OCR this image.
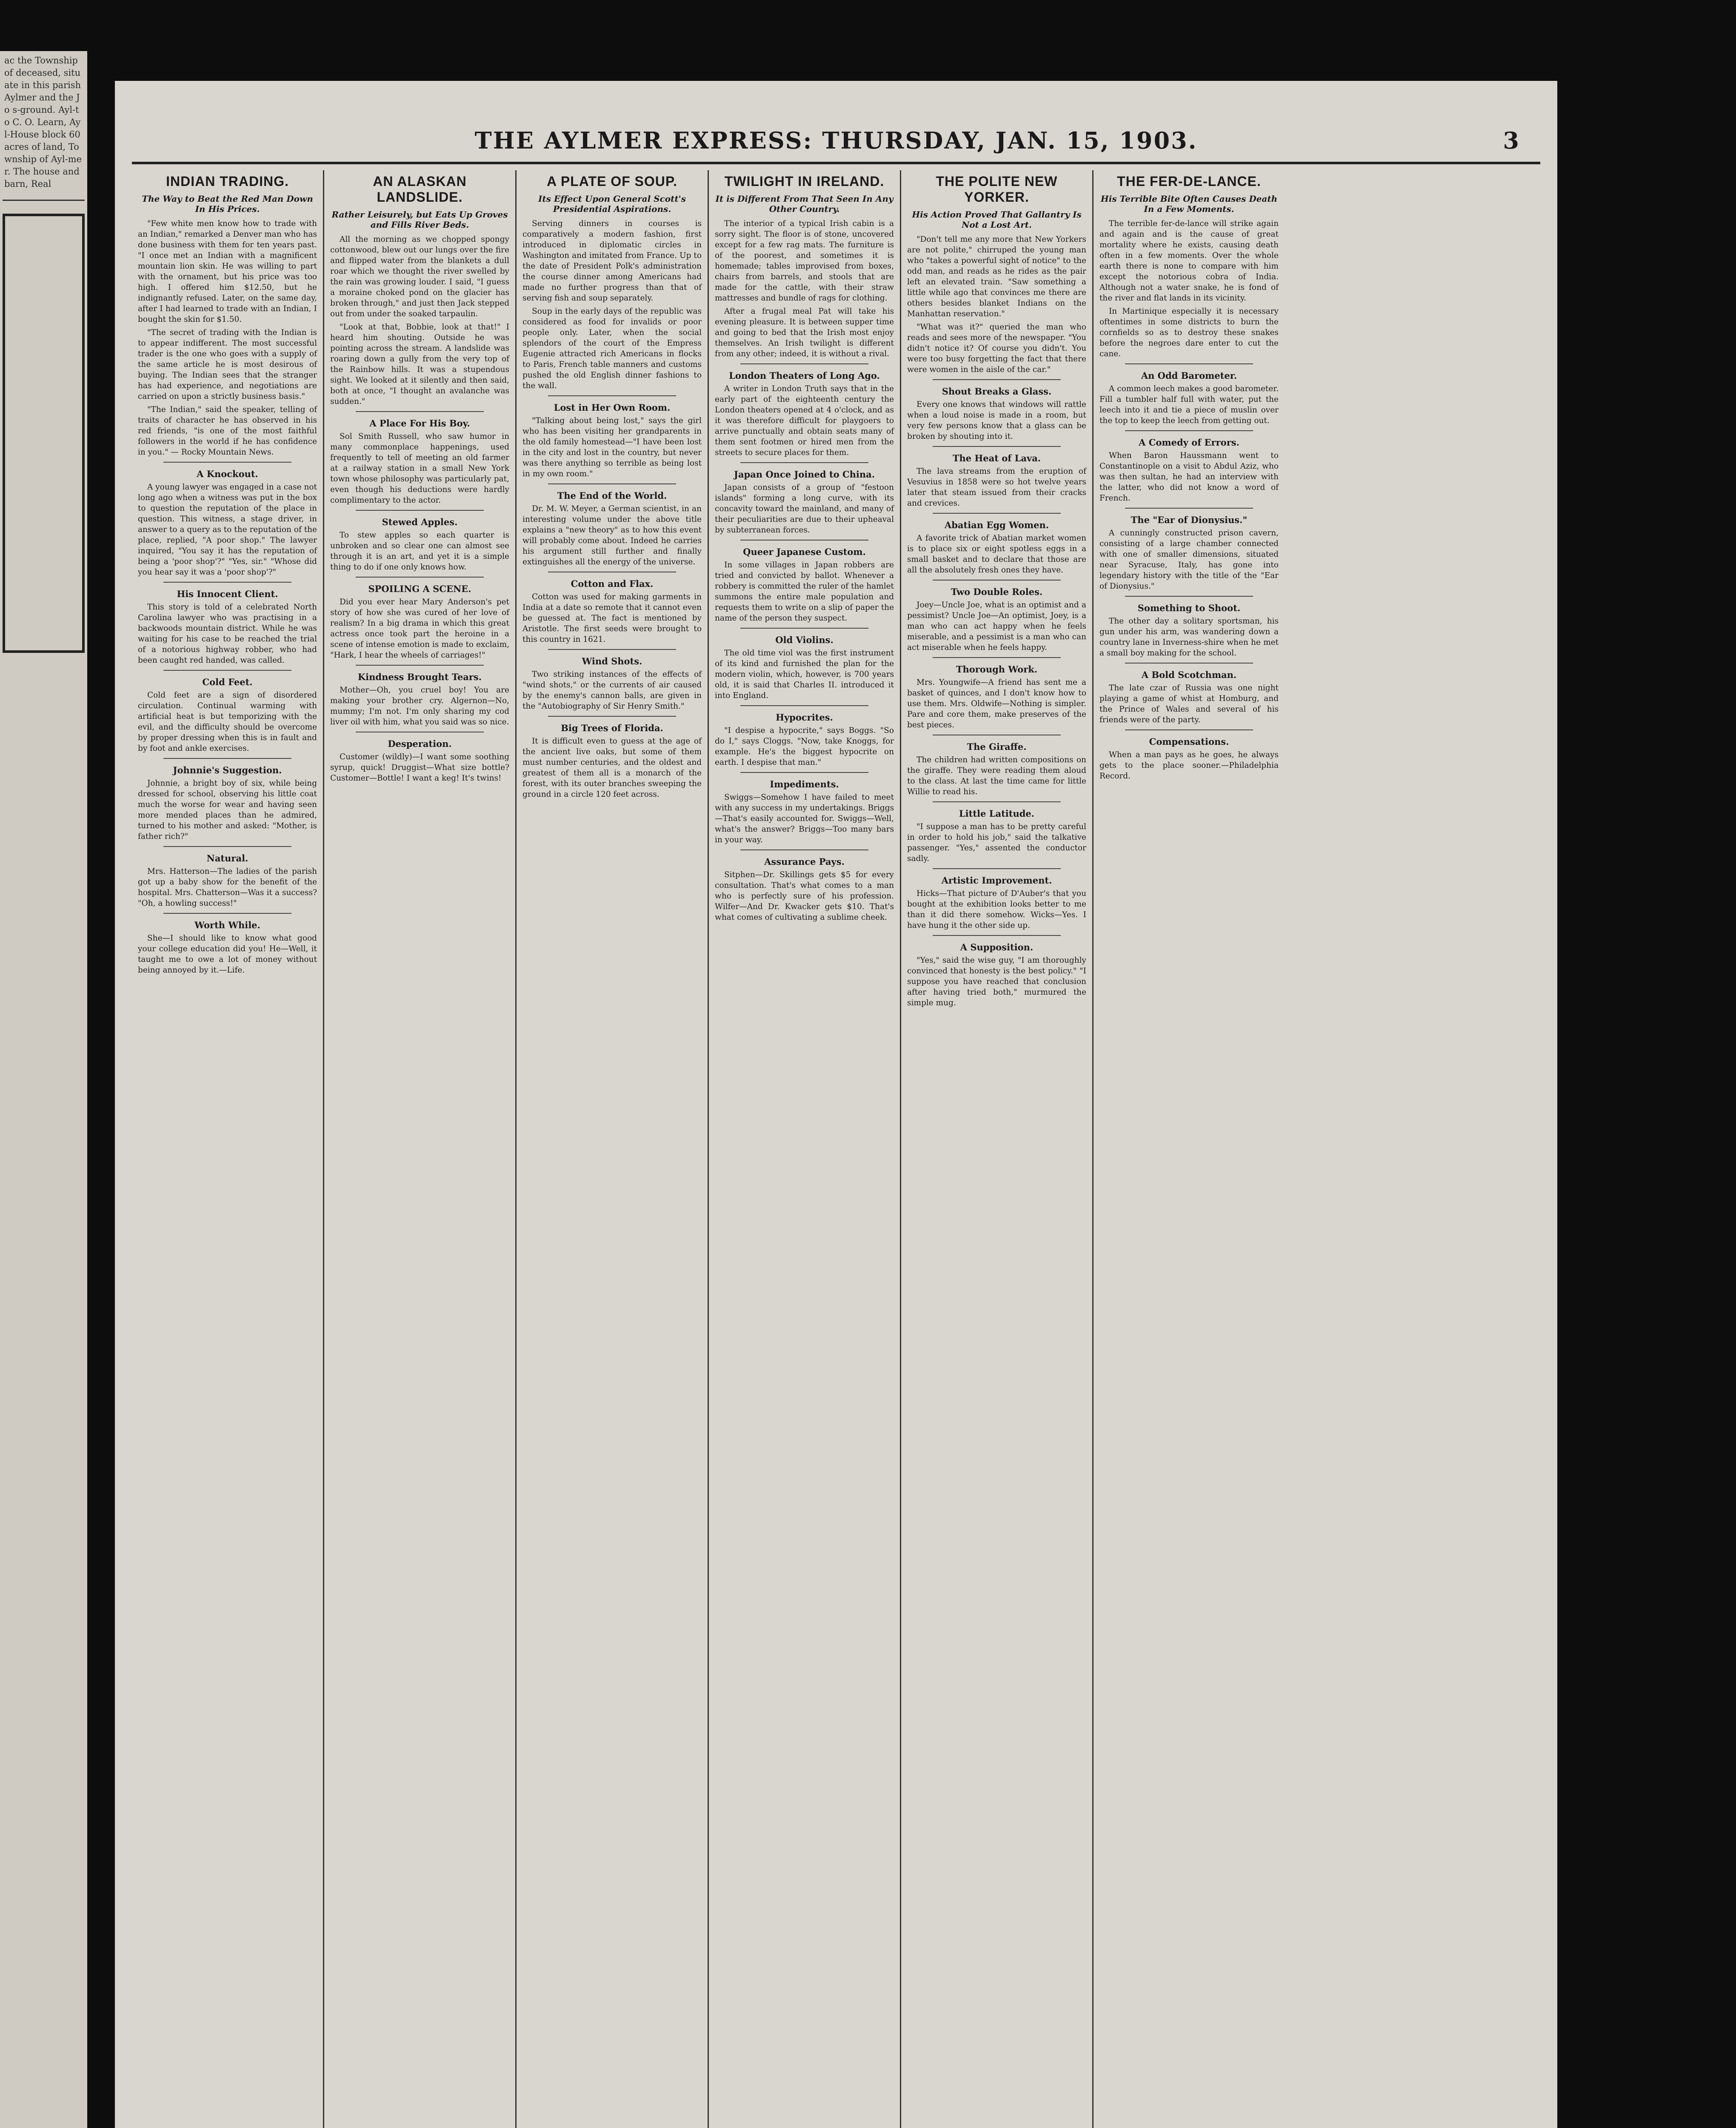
ac the Township of deceased, situate in this parish Aylmer and the Jo s-ground. Ayl-to C. O. Learn, Ayl-House block 60 acres of land, Township of Ayl-mer. The house and barn, Real
THE AYLMER EXPRESS: THURSDAY, JAN. 15, 1903.	3
INDIAN TRADING.
The Way to Beat the Red Man Down In His Prices.

"Few white men know how to trade with an Indian," remarked a Denver man who has done business with them for ten years past. "I once met an Indian with a magnificent mountain lion skin. He was willing to part with the ornament, but his price was too high. I offered him $12.50, but he indignantly refused. Later, on the same day, after I had learned to trade with an Indian, I bought the skin for $1.50.

"The secret of trading with the Indian is to appear indifferent. The most successful trader is the one who goes with a supply of the same article he is most desirous of buying. The Indian sees that the stranger has had experience, and negotiations are carried on upon a strictly business basis."

"The Indian," said the speaker, telling of traits of character he has observed in his red friends, "is one of the most faithful followers in the world if he has confidence in you." — Rocky Mountain News.

A Knockout.

A young lawyer was engaged in a case not long ago when a witness was put in the box to question the reputation of the place in question. This witness, a stage driver, in answer to a query as to the reputation of the place, replied, "A poor shop." The lawyer inquired, "You say it has the reputation of being a 'poor shop'?" "Yes, sir." "Whose did you hear say it was a 'poor shop'?"

His Innocent Client.

This story is told of a celebrated North Carolina lawyer who was practising in a backwoods mountain district. While he was waiting for his case to be reached the trial of a notorious highway robber, who had been caught red handed, was called.

Cold Feet.

Cold feet are a sign of disordered circulation. Continual warming with artificial heat is but temporizing with the evil, and the difficulty should be overcome by proper dressing when this is in fault and by foot and ankle exercises.

Johnnie's Suggestion.

Johnnie, a bright boy of six, while being dressed for school, observing his little coat much the worse for wear and having seen more mended places than he admired, turned to his mother and asked: "Mother, is father rich?"

Natural.

Mrs. Hatterson—The ladies of the parish got up a baby show for the benefit of the hospital. Mrs. Chatterson—Was it a success? "Oh, a howling success!"

Worth While.

She—I should like to know what good your college education did you! He—Well, it taught me to owe a lot of money without being annoyed by it.—Life.

AN ALASKAN LANDSLIDE.
Rather Leisurely, but Eats Up Groves and Fills River Beds.

All the morning as we chopped spongy cottonwood, blew out our lungs over the fire and flipped water from the blankets a dull roar which we thought the river swelled by the rain was growing louder. I said, "I guess a moraine choked pond on the glacier has broken through," and just then Jack stepped out from under the soaked tarpaulin.

"Look at that, Bobbie, look at that!" I heard him shouting. Outside he was pointing across the stream. A landslide was roaring down a gully from the very top of the Rainbow hills. It was a stupendous sight. We looked at it silently and then said, both at once, "I thought an avalanche was sudden."

A Place For His Boy.

Sol Smith Russell, who saw humor in many commonplace happenings, used frequently to tell of meeting an old farmer at a railway station in a small New York town whose philosophy was particularly pat, even though his deductions were hardly complimentary to the actor.

Stewed Apples.

To stew apples so each quarter is unbroken and so clear one can almost see through it is an art, and yet it is a simple thing to do if one only knows how.

SPOILING A SCENE.

Did you ever hear Mary Anderson's pet story of how she was cured of her love of realism? In a big drama in which this great actress once took part the heroine in a scene of intense emotion is made to exclaim, "Hark, I hear the wheels of carriages!"

Kindness Brought Tears.

Mother—Oh, you cruel boy! You are making your brother cry. Algernon—No, mummy; I'm not. I'm only sharing my cod liver oil with him, what you said was so nice.

Desperation.

Customer (wildly)—I want some soothing syrup, quick! Druggist—What size bottle? Customer—Bottle! I want a keg! It's twins!

A PLATE OF SOUP.
Its Effect Upon General Scott's Presidential Aspirations.

Serving dinners in courses is comparatively a modern fashion, first introduced in diplomatic circles in Washington and imitated from France. Up to the date of President Polk's administration the course dinner among Americans had made no further progress than that of serving fish and soup separately.

Soup in the early days of the republic was considered as food for invalids or poor people only. Later, when the social splendors of the court of the Empress Eugenie attracted rich Americans in flocks to Paris, French table manners and customs pushed the old English dinner fashions to the wall.

Lost in Her Own Room.

"Talking about being lost," says the girl who has been visiting her grandparents in the old family homestead—"I have been lost in the city and lost in the country, but never was there anything so terrible as being lost in my own room."

The End of the World.

Dr. M. W. Meyer, a German scientist, in an interesting volume under the above title explains a "new theory" as to how this event will probably come about. Indeed he carries his argument still further and finally extinguishes all the energy of the universe.

Cotton and Flax.

Cotton was used for making garments in India at a date so remote that it cannot even be guessed at. The fact is mentioned by Aristotle. The first seeds were brought to this country in 1621.

Wind Shots.

Two striking instances of the effects of "wind shots," or the currents of air caused by the enemy's cannon balls, are given in the "Autobiography of Sir Henry Smith."

Big Trees of Florida.

It is difficult even to guess at the age of the ancient live oaks, but some of them must number centuries, and the oldest and greatest of them all is a monarch of the forest, with its outer branches sweeping the ground in a circle 120 feet across.

TWILIGHT IN IRELAND.
It is Different From That Seen In Any Other Country.

The interior of a typical Irish cabin is a sorry sight. The floor is of stone, uncovered except for a few rag mats. The furniture is of the poorest, and sometimes it is homemade; tables improvised from boxes, chairs from barrels, and stools that are made for the cattle, with their straw mattresses and bundle of rags for clothing.

After a frugal meal Pat will take his evening pleasure. It is between supper time and going to bed that the Irish most enjoy themselves. An Irish twilight is different from any other; indeed, it is without a rival.

London Theaters of Long Ago.

A writer in London Truth says that in the early part of the eighteenth century the London theaters opened at 4 o'clock, and as it was therefore difficult for playgoers to arrive punctually and obtain seats many of them sent footmen or hired men from the streets to secure places for them.

Japan Once Joined to China.

Japan consists of a group of "festoon islands" forming a long curve, with its concavity toward the mainland, and many of their peculiarities are due to their upheaval by subterranean forces.

Queer Japanese Custom.

In some villages in Japan robbers are tried and convicted by ballot. Whenever a robbery is committed the ruler of the hamlet summons the entire male population and requests them to write on a slip of paper the name of the person they suspect.

Old Violins.

The old time viol was the first instrument of its kind and furnished the plan for the modern violin, which, however, is 700 years old, it is said that Charles II. introduced it into England.

Hypocrites.

"I despise a hypocrite," says Boggs. "So do I," says Cloggs. "Now, take Knoggs, for example. He's the biggest hypocrite on earth. I despise that man."

Impediments.

Swiggs—Somehow I have failed to meet with any success in my undertakings. Briggs—That's easily accounted for. Swiggs—Well, what's the answer? Briggs—Too many bars in your way.

Assurance Pays.

Sitphen—Dr. Skillings gets $5 for every consultation. That's what comes to a man who is perfectly sure of his profession. Wilfer—And Dr. Kwacker gets $10. That's what comes of cultivating a sublime cheek.

THE POLITE NEW YORKER.
His Action Proved That Gallantry Is Not a Lost Art.

"Don't tell me any more that New Yorkers are not polite," chirruped the young man who "takes a powerful sight of notice" to the odd man, and reads as he rides as the pair left an elevated train. "Saw something a little while ago that convinces me there are others besides blanket Indians on the Manhattan reservation."

"What was it?" queried the man who reads and sees more of the newspaper. "You didn't notice it? Of course you didn't. You were too busy forgetting the fact that there were women in the aisle of the car."

Shout Breaks a Glass.

Every one knows that windows will rattle when a loud noise is made in a room, but very few persons know that a glass can be broken by shouting into it.

The Heat of Lava.

The lava streams from the eruption of Vesuvius in 1858 were so hot twelve years later that steam issued from their cracks and crevices.

Abatian Egg Women.

A favorite trick of Abatian market women is to place six or eight spotless eggs in a small basket and to declare that those are all the absolutely fresh ones they have.

Two Double Roles.

Joey—Uncle Joe, what is an optimist and a pessimist? Uncle Joe—An optimist, Joey, is a man who can act happy when he feels miserable, and a pessimist is a man who can act miserable when he feels happy.

Thorough Work.

Mrs. Youngwife—A friend has sent me a basket of quinces, and I don't know how to use them. Mrs. Oldwife—Nothing is simpler. Pare and core them, make preserves of the best pieces.

The Giraffe.

The children had written compositions on the giraffe. They were reading them aloud to the class. At last the time came for little Willie to read his.

Little Latitude.

"I suppose a man has to be pretty careful in order to hold his job," said the talkative passenger. "Yes," assented the conductor sadly.

Artistic Improvement.

Hicks—That picture of D'Auber's that you bought at the exhibition looks better to me than it did there somehow. Wicks—Yes. I have hung it the other side up.

A Supposition.

"Yes," said the wise guy, "I am thoroughly convinced that honesty is the best policy." "I suppose you have reached that conclusion after having tried both," murmured the simple mug.

THE FER-DE-LANCE.
His Terrible Bite Often Causes Death In a Few Moments.

The terrible fer-de-lance will strike again and again and is the cause of great mortality where he exists, causing death often in a few moments. Over the whole earth there is none to compare with him except the notorious cobra of India. Although not a water snake, he is fond of the river and flat lands in its vicinity.

In Martinique especially it is necessary oftentimes in some districts to burn the cornfields so as to destroy these snakes before the negroes dare enter to cut the cane.

An Odd Barometer.

A common leech makes a good barometer. Fill a tumbler half full with water, put the leech into it and tie a piece of muslin over the top to keep the leech from getting out.

A Comedy of Errors.

When Baron Haussmann went to Constantinople on a visit to Abdul Aziz, who was then sultan, he had an interview with the latter, who did not know a word of French.

The "Ear of Dionysius."

A cunningly constructed prison cavern, consisting of a large chamber connected with one of smaller dimensions, situated near Syracuse, Italy, has gone into legendary history with the title of the "Ear of Dionysius."

Something to Shoot.

The other day a solitary sportsman, his gun under his arm, was wandering down a country lane in Inverness-shire when he met a small boy making for the school.

A Bold Scotchman.

The late czar of Russia was one night playing a game of whist at Homburg, and the Prince of Wales and several of his friends were of the party.

Compensations.

When a man pays as he goes, he always gets to the place sooner.—Philadelphia Record.
